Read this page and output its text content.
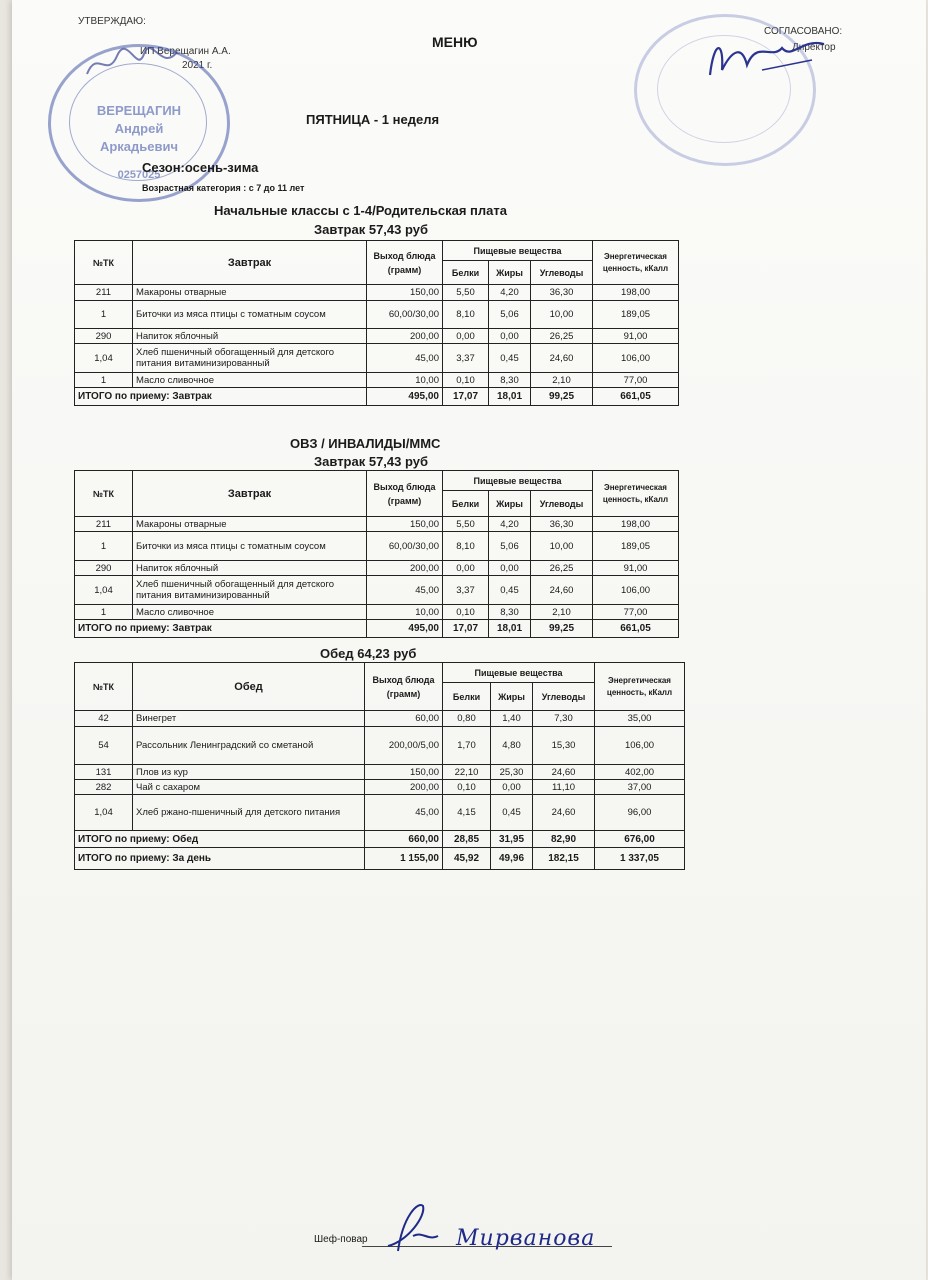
УТВЕРЖДАЮ:
ИП Верещагин А.А.
2021 г.
МЕНЮ
СОГЛАСОВАНО:
Директор
ВЕРЕЩАГИН
Андрей
Аркадьевич
0257025
ПЯТНИЦА - 1 неделя
Сезон:осень-зима
Возрастная категория : с 7 до 11 лет
Начальные классы с 1-4/Родительская плата
Завтрак 57,43 руб
№ТК	Завтрак	Выход блюда (грамм)	Пищевые вещества			Энергетическая ценность, кКалл
			Белки	Жиры	Углеводы	
211	Макароны отварные	150,00	5,50	4,20	36,30	198,00
1	Биточки из мяса птицы с томатным соусом	60,00/30,00	8,10	5,06	10,00	189,05
290	Напиток яблочный	200,00	0,00	0,00	26,25	91,00
1,04	Хлеб пшеничный обогащенный для детского питания витаминизированный	45,00	3,37	0,45	24,60	106,00
1	Масло сливочное	10,00	0,10	8,30	2,10	77,00
ИТОГО по приему: Завтрак		495,00	17,07	18,01	99,25	661,05
ОВЗ / ИНВАЛИДЫ/ММС
Завтрак 57,43 руб
№ТК	Завтрак	Выход блюда (грамм)	Пищевые вещества			Энергетическая ценность, кКалл
			Белки	Жиры	Углеводы	
211	Макароны отварные	150,00	5,50	4,20	36,30	198,00
1	Биточки из мяса птицы с томатным соусом	60,00/30,00	8,10	5,06	10,00	189,05
290	Напиток яблочный	200,00	0,00	0,00	26,25	91,00
1,04	Хлеб пшеничный обогащенный для детского питания витаминизированный	45,00	3,37	0,45	24,60	106,00
1	Масло сливочное	10,00	0,10	8,30	2,10	77,00
ИТОГО по приему: Завтрак		495,00	17,07	18,01	99,25	661,05
Обед 64,23 руб
№ТК	Обед	Выход блюда (грамм)	Пищевые вещества			Энергетическая ценность, кКалл
			Белки	Жиры	Углеводы	
42	Винегрет	60,00	0,80	1,40	7,30	35,00
54	Рассольник Ленинградский со сметаной	200,00/5,00	1,70	4,80	15,30	106,00
131	Плов из кур	150,00	22,10	25,30	24,60	402,00
282	Чай с сахаром	200,00	0,10	0,00	11,10	37,00
1,04	Хлеб ржано-пшеничный для детского питания	45,00	4,15	0,45	24,60	96,00
ИТОГО по приему: Обед		660,00	28,85	31,95	82,90	676,00
ИТОГО по приему: За день		1 155,00	45,92	49,96	182,15	1 337,05
Шеф-повар	Мирванова
